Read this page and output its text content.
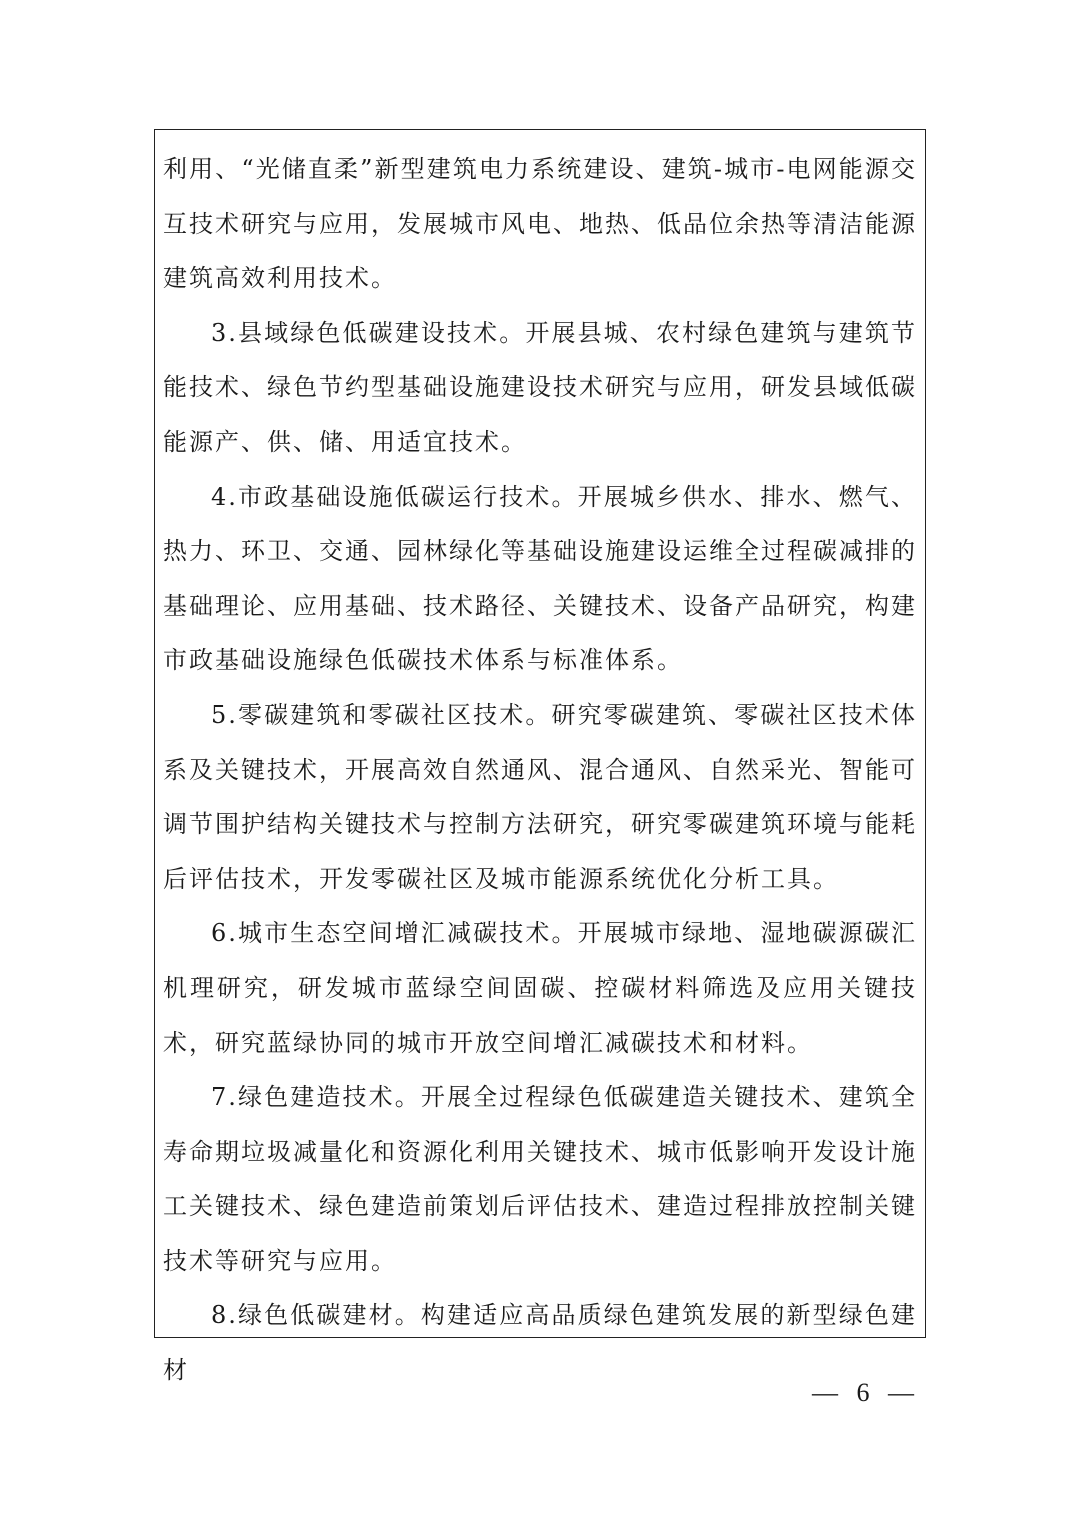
利用、“光储直柔”新型建筑电力系统建设、建筑-城市-电网能源交互技术研究与应用，发展城市风电、地热、低品位余热等清洁能源建筑高效利用技术。

3.县域绿色低碳建设技术。开展县城、农村绿色建筑与建筑节能技术、绿色节约型基础设施建设技术研究与应用，研发县域低碳能源产、供、储、用适宜技术。

4.市政基础设施低碳运行技术。开展城乡供水、排水、燃气、热力、环卫、交通、园林绿化等基础设施建设运维全过程碳减排的基础理论、应用基础、技术路径、关键技术、设备产品研究，构建市政基础设施绿色低碳技术体系与标准体系。

5.零碳建筑和零碳社区技术。研究零碳建筑、零碳社区技术体系及关键技术，开展高效自然通风、混合通风、自然采光、智能可调节围护结构关键技术与控制方法研究，研究零碳建筑环境与能耗后评估技术，开发零碳社区及城市能源系统优化分析工具。

6.城市生态空间增汇减碳技术。开展城市绿地、湿地碳源碳汇机理研究，研发城市蓝绿空间固碳、控碳材料筛选及应用关键技术，研究蓝绿协同的城市开放空间增汇减碳技术和材料。

7.绿色建造技术。开展全过程绿色低碳建造关键技术、建筑全寿命期垃圾减量化和资源化利用关键技术、城市低影响开发设计施工关键技术、绿色建造前策划后评估技术、建造过程排放控制关键技术等研究与应用。

8.绿色低碳建材。构建适应高品质绿色建筑发展的新型绿色建材

— 6 —
